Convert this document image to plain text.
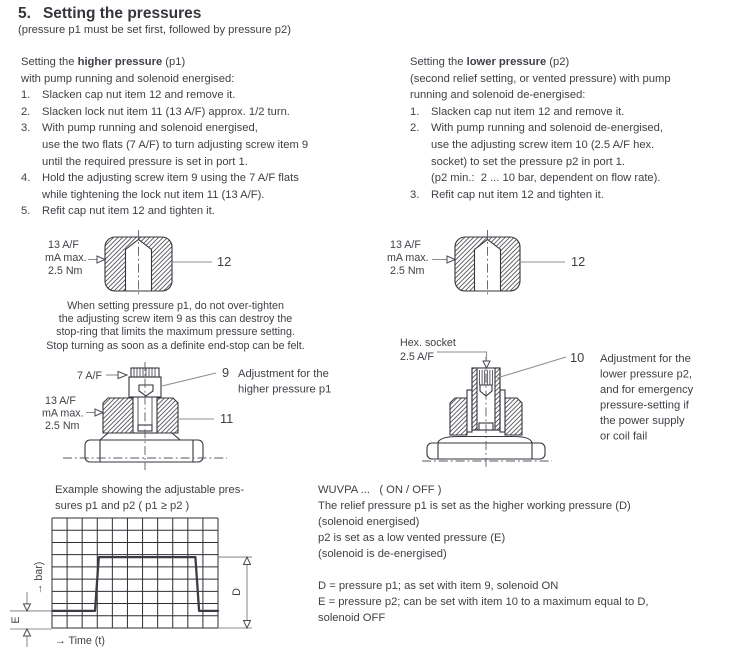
5. Setting the pressures
(pressure p1 must be set first, followed by pressure p2)
Setting the higher pressure (p1)
with pump running and solenoid energised:
1.	Slacken cap nut item 12 and remove it.
2.	Slacken lock nut item 11 (13 A/F) approx. 1/2 turn.
3.	With pump running and solenoid energised,
use the two flats (7 A/F) to turn adjusting screw item 9
until the required pressure is set in port 1.
4.	Hold the adjusting screw item 9 using the 7 A/F flats
while tightening the lock nut item 11 (13 A/F).
5.	Refit cap nut item 12 and tighten it.
Setting the lower pressure (p2)
(second relief setting, or vented pressure) with pump
running and solenoid de-energised:
1.	Slacken cap nut item 12 and remove it.
2.	With pump running and solenoid de-energised,
use the adjusting screw item 10 (2.5 A/F hex.
socket) to set the pressure p2 in port 1.
(p2 min.:  2 ... 10 bar, dependent on flow rate).
3.	Refit cap nut item 12 and tighten it.
13 A/F
mA max.
2.5 Nm
12
13 A/F
mA max.
2.5 Nm
12
When setting pressure p1, do not over-tighten
the adjusting screw item 9 as this can destroy the
stop-ring that limits the maximum pressure setting.
Stop turning as soon as a definite end-stop can be felt.
7 A/F
13 A/F
mA max.
2.5 Nm
9 Adjustment for the
higher pressure p1
11
Hex. socket
2.5 A/F	10 Adjustment for the
lower pressure p2,
and for emergency
pressure-setting if
the power supply
or coil fail
Example showing the adjustable pres-
sures p1 and p2 ( p1 ≥ p2 )
D
E
→ bar)
→ Time (t)
WUVPA ...   ( ON / OFF )
The relief pressure p1 is set as the higher working pressure (D)
(solenoid energised)
p2 is set as a low vented pressure (E)
(solenoid is de-energised)
D = pressure p1; as set with item 9, solenoid ON
E = pressure p2; can be set with item 10 to a maximum equal to D,
solenoid OFF
